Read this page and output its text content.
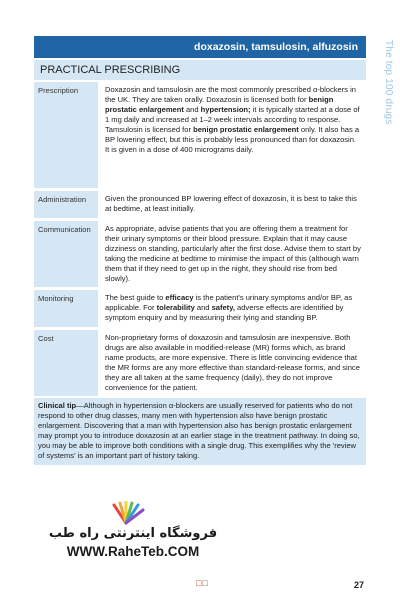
The top 100 drugs
doxazosin, tamsulosin, alfuzosin
PRACTICAL PRESCRIBING
Prescription	Doxazosin and tamsulosin are the most commonly prescribed α-blockers in the UK. They are taken orally. Doxazosin is licensed both for benign prostatic enlargement and hypertension; it is typically started at a dose of 1 mg daily and increased at 1–2 week intervals according to response. Tamsulosin is licensed for benign prostatic enlargement only. It also has a BP lowering effect, but this is probably less pronounced than for doxazosin. It is given in a dose of 400 micrograms daily.
Administration	Given the pronounced BP lowering effect of doxazosin, it is best to take this at bedtime, at least initially.
Communication	As appropriate, advise patients that you are offering them a treatment for their urinary symptoms or their blood pressure. Explain that it may cause dizziness on standing, particularly after the first dose. Advise them to start by taking the medicine at bedtime to minimise the impact of this (although warn them that if they need to get up in the night, they should rise from bed slowly).
Monitoring	The best guide to efficacy is the patient's urinary symptoms and/or BP, as applicable. For tolerability and safety, adverse effects are identified by symptom enquiry and by measuring their lying and standing BP.
Cost	Non-proprietary forms of doxazosin and tamsulosin are inexpensive. Both drugs are also available in modified-release (MR) forms which, as brand name products, are more expensive. There is little convincing evidence that the MR forms are any more effective than standard-release forms, and since they are all taken at the same frequency (daily), they do not improve convenience for the patient.
Clinical tip—Although in hypertension α-blockers are usually reserved for patients who do not respond to other drug classes, many men with hypertension also have benign prostatic enlargement. Discovering that a man with hypertension also has benign prostatic enlargement may prompt you to introduce doxazosin at an earlier stage in the treatment pathway. In doing so, you may be able to improve both conditions with a single drug. This exemplifies why the 'review of systems' is an important part of history taking.
فروشگاه اینترنتی راه طب
WWW.RaheTeb.COM
□□	27
